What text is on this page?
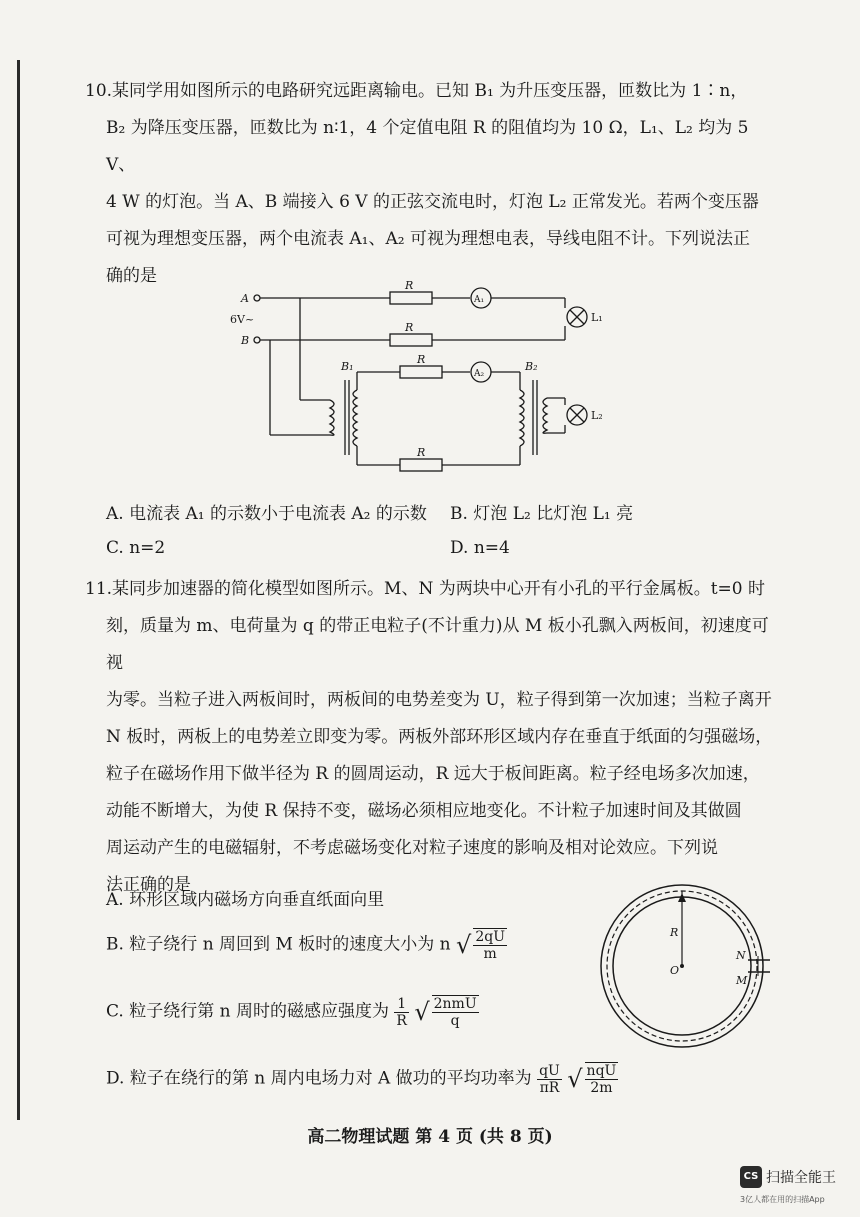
10.某同学用如图所示的电路研究远距离输电。已知 B₁ 为升压变压器，匝数比为 1∶n，

B₂ 为降压变压器，匝数比为 n∶1，4 个定值电阻 R 的阻值均为 10 Ω，L₁、L₂ 均为 5 V、

4 W 的灯泡。当 A、B 端接入 6 V 的正弦交流电时，灯泡 L₂ 正常发光。若两个变压器

可视为理想变压器，两个电流表 A₁、A₂ 可视为理想电表，导线电阻不计。下列说法正

确的是

A
B
6V~
R
R
R
R
A₁
A₂
L₁
L₂
B₁	B₂
A. 电流表 A₁ 的示数小于电流表 A₂ 的示数 B. 灯泡 L₂ 比灯泡 L₁ 亮
C. n=2	D. n=4

11.某同步加速器的简化模型如图所示。M、N 为两块中心开有小孔的平行金属板。t=0 时

刻，质量为 m、电荷量为 q 的带正电粒子(不计重力)从 M 板小孔飘入两板间，初速度可视

为零。当粒子进入两板间时，两板间的电势差变为 U，粒子得到第一次加速；当粒子离开

N 板时，两板上的电势差立即变为零。两板外部环形区域内存在垂直于纸面的匀强磁场，

粒子在磁场作用下做半径为 R 的圆周运动，R 远大于板间距离。粒子经电场多次加速，

动能不断增大，为使 R 保持不变，磁场必须相应地变化。不计粒子加速时间及其做圆

周运动产生的电磁辐射，不考虑磁场变化对粒子速度的影响及相对论效应。下列说

法正确的是

R
O
N
M
A. 环形区域内磁场方向垂直纸面向里
B. 粒子绕行 n 周回到 M 板时的速度大小为 n √ $\frac{2qU}{m}$
C. 粒子绕行第 n 周时的磁感应强度为 $\frac{1}{R}$ √ $\frac{\text{2nmU}}{q}$
D. 粒子在绕行的第 n 周内电场力对 A 做功的平均功率为 $\frac{qU}{\pi R}$ √ $\frac{\text{nqU}}{2m}$
高二物理试题 第 4 页 (共 8 页)
CS 扫描全能王
3亿人都在用的扫描App
